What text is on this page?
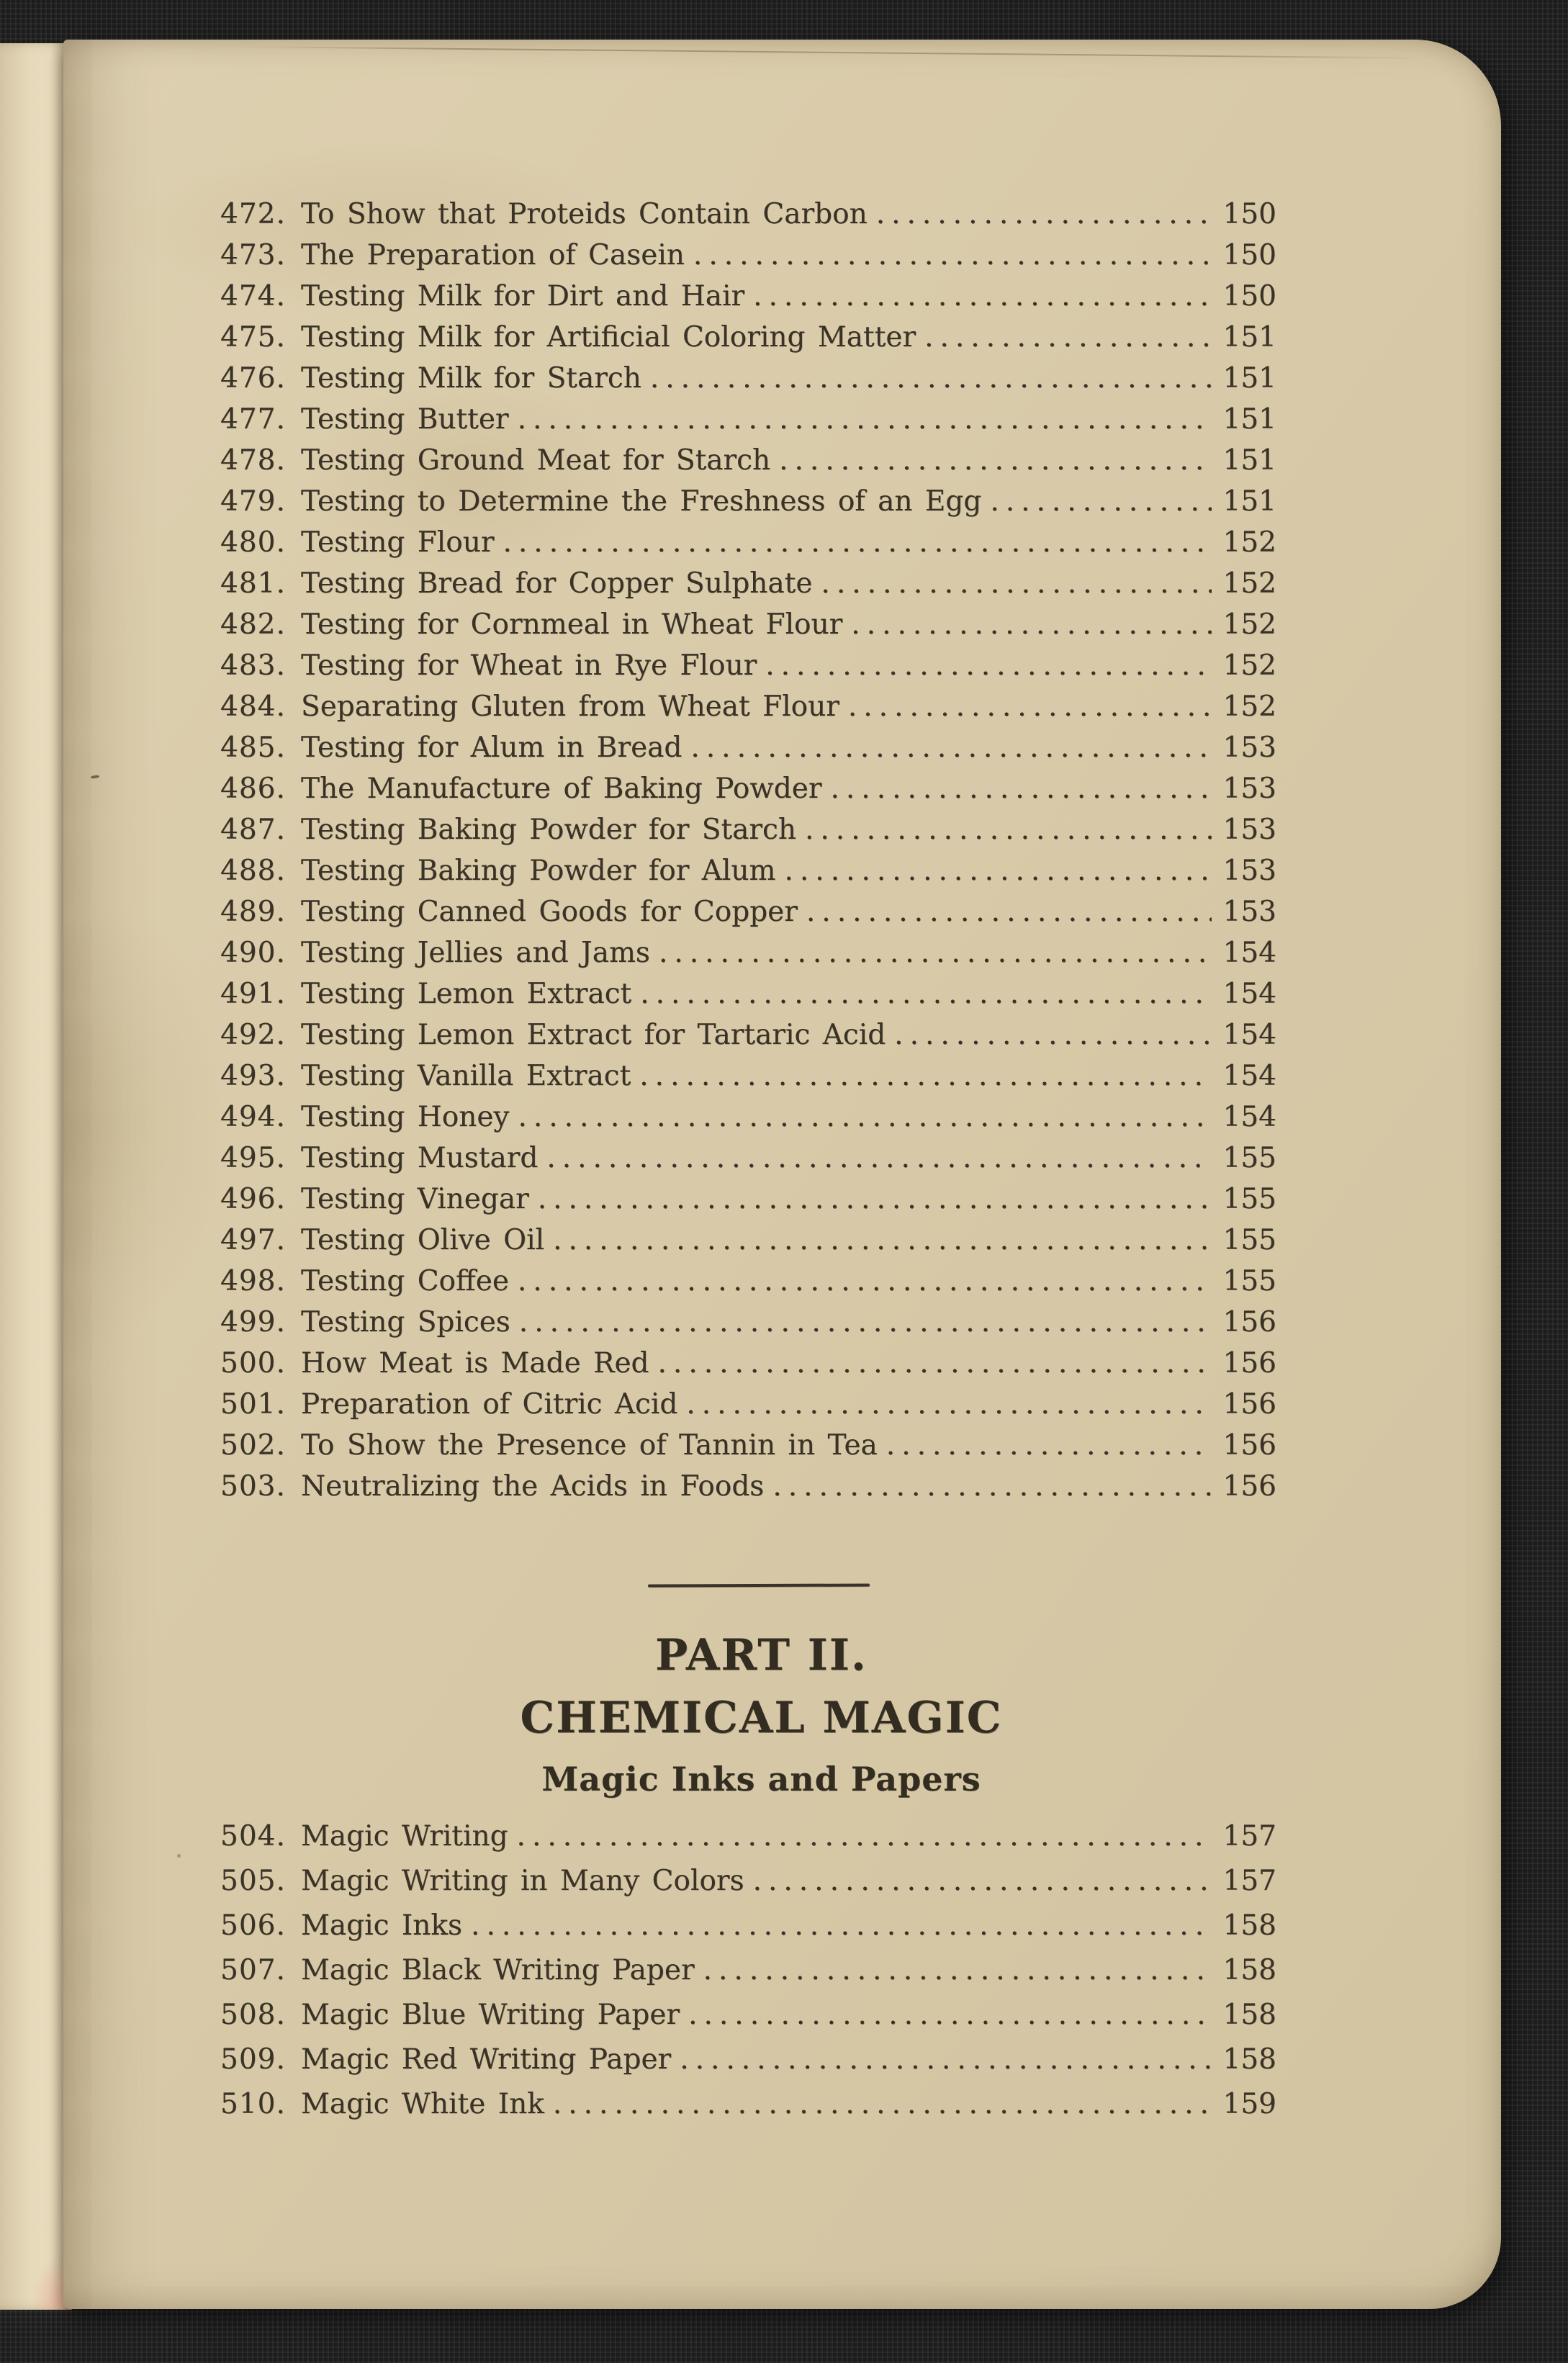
472. To Show that Proteids Contain Carbon .....	150
473. The Preparation of Casein .....	150
474. Testing Milk for Dirt and Hair .....	150
475. Testing Milk for Artificial Coloring Matter .....	151
476. Testing Milk for Starch .....	151
477. Testing Butter .....	151
478. Testing Ground Meat for Starch .....	151
479. Testing to Determine the Freshness of an Egg .....	151
480. Testing Flour .....	152
481. Testing Bread for Copper Sulphate .....	152
482. Testing for Cornmeal in Wheat Flour .....	152
483. Testing for Wheat in Rye Flour .....	152
484. Separating Gluten from Wheat Flour .....	152
485. Testing for Alum in Bread .....	153
486. The Manufacture of Baking Powder .....	153
487. Testing Baking Powder for Starch .....	153
488. Testing Baking Powder for Alum .....	153
489. Testing Canned Goods for Copper .....	153
490. Testing Jellies and Jams .....	154
491. Testing Lemon Extract .....	154
492. Testing Lemon Extract for Tartaric Acid .....	154
493. Testing Vanilla Extract .....	154
494. Testing Honey .....	154
495. Testing Mustard .....	155
496. Testing Vinegar .....	155
497. Testing Olive Oil .....	155
498. Testing Coffee .....	155
499. Testing Spices .....	156
500. How Meat is Made Red .....	156
501. Preparation of Citric Acid .....	156
502. To Show the Presence of Tannin in Tea .....	156
503. Neutralizing the Acids in Foods .....	156
PART II.
CHEMICAL MAGIC
Magic Inks and Papers
504. Magic Writing .....	157
505. Magic Writing in Many Colors .....	157
506. Magic Inks .....	158
507. Magic Black Writing Paper .....	158
508. Magic Blue Writing Paper .....	158
509. Magic Red Writing Paper .....	158
510. Magic White Ink .....	159
